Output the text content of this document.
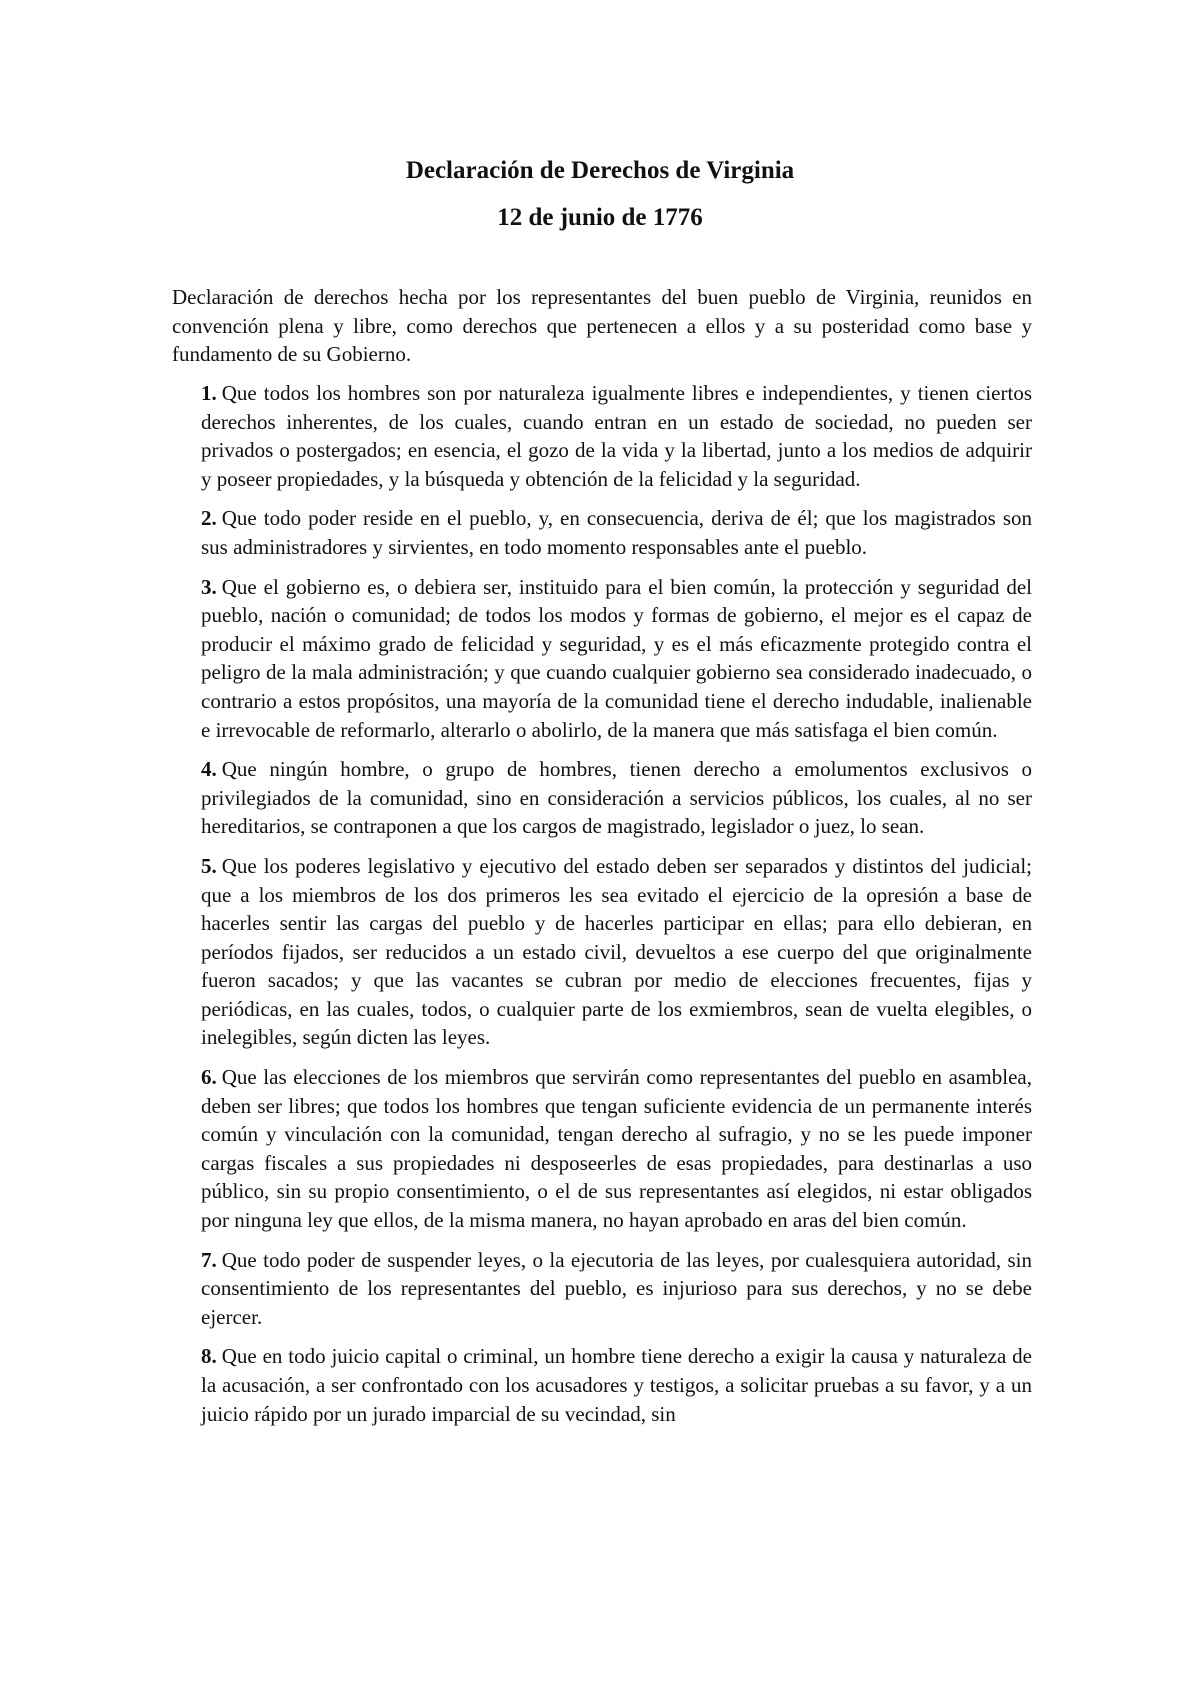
Declaración de Derechos de Virginia
12 de junio de 1776

Declaración de derechos hecha por los representantes del buen pueblo de Virginia, reunidos en convención plena y libre, como derechos que pertenecen a ellos y a su posteridad como base y fundamento de su Gobierno.

1. Que todos los hombres son por naturaleza igualmente libres e independientes, y tienen ciertos derechos inherentes, de los cuales, cuando entran en un estado de sociedad, no pueden ser privados o postergados; en esencia, el gozo de la vida y la libertad, junto a los medios de adquirir y poseer propiedades, y la búsqueda y obtención de la felicidad y la seguridad.
2. Que todo poder reside en el pueblo, y, en consecuencia, deriva de él; que los magistrados son sus administradores y sirvientes, en todo momento responsables ante el pueblo.
3. Que el gobierno es, o debiera ser, instituido para el bien común, la protección y seguridad del pueblo, nación o comunidad; de todos los modos y formas de gobierno, el mejor es el capaz de producir el máximo grado de felicidad y seguridad, y es el más eficazmente protegido contra el peligro de la mala administración; y que cuando cualquier gobierno sea considerado inadecuado, o contrario a estos propósitos, una mayoría de la comunidad tiene el derecho indudable, inalienable e irrevocable de reformarlo, alterarlo o abolirlo, de la manera que más satisfaga el bien común.
4. Que ningún hombre, o grupo de hombres, tienen derecho a emolumentos exclusivos o privilegiados de la comunidad, sino en consideración a servicios públicos, los cuales, al no ser hereditarios, se contraponen a que los cargos de magistrado, legislador o juez, lo sean.
5. Que los poderes legislativo y ejecutivo del estado deben ser separados y distintos del judicial; que a los miembros de los dos primeros les sea evitado el ejercicio de la opresión a base de hacerles sentir las cargas del pueblo y de hacerles participar en ellas; para ello debieran, en períodos fijados, ser reducidos a un estado civil, devueltos a ese cuerpo del que originalmente fueron sacados; y que las vacantes se cubran por medio de elecciones frecuentes, fijas y periódicas, en las cuales, todos, o cualquier parte de los exmiembros, sean de vuelta elegibles, o inelegibles, según dicten las leyes.
6. Que las elecciones de los miembros que servirán como representantes del pueblo en asamblea, deben ser libres; que todos los hombres que tengan suficiente evidencia de un permanente interés común y vinculación con la comunidad, tengan derecho al sufragio, y no se les puede imponer cargas fiscales a sus propiedades ni desposeerles de esas propiedades, para destinarlas a uso público, sin su propio consentimiento, o el de sus representantes así elegidos, ni estar obligados por ninguna ley que ellos, de la misma manera, no hayan aprobado en aras del bien común.
7. Que todo poder de suspender leyes, o la ejecutoria de las leyes, por cualesquiera autoridad, sin consentimiento de los representantes del pueblo, es injurioso para sus derechos, y no se debe ejercer.
8. Que en todo juicio capital o criminal, un hombre tiene derecho a exigir la causa y naturaleza de la acusación, a ser confrontado con los acusadores y testigos, a solicitar pruebas a su favor, y a un juicio rápido por un jurado imparcial de su vecindad, sin
